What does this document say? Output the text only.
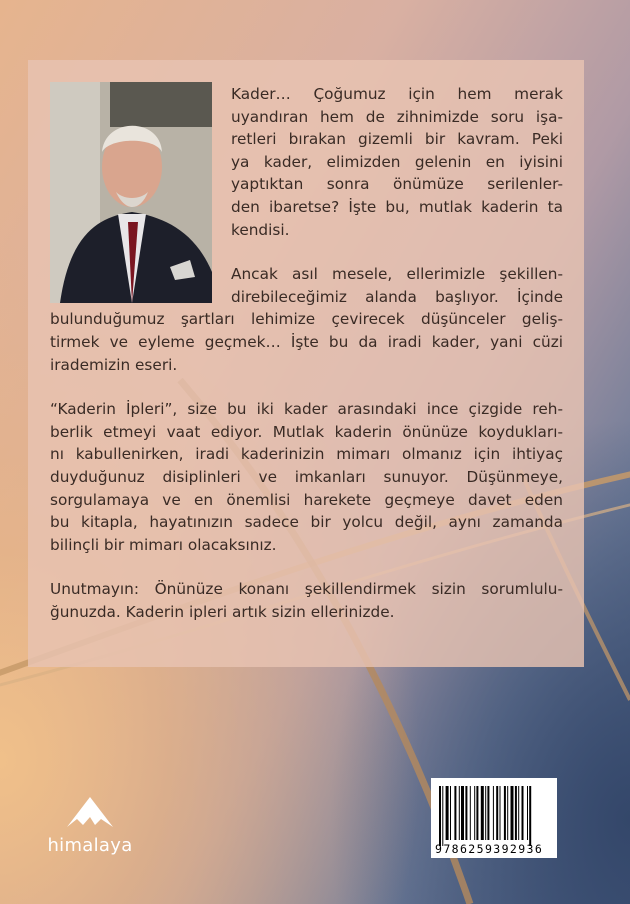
Kader… Çoğumuz için hem merak
uyandıran hem de zihnimizde soru işa-
retleri bırakan gizemli bir kavram. Peki
ya kader, elimizden gelenin en iyisini
yaptıktan sonra önümüze serilenler-
den ibaretse? İşte bu, mutlak kaderin ta
kendisi.
Ancak asıl mesele, ellerimizle şekillen-
direbileceğimiz alanda başlıyor. İçinde
bulunduğumuz şartları lehimize çevirecek düşünceler geliş-
tirmek ve eyleme geçmek… İşte bu da iradi kader, yani cüzi
irademizin eseri.
“Kaderin İpleri”, size bu iki kader arasındaki ince çizgide reh-
berlik etmeyi vaat ediyor. Mutlak kaderin önünüze koydukları-
nı kabullenirken, iradi kaderinizin mimarı olmanız için ihtiyaç
duyduğunuz disiplinleri ve imkanları sunuyor. Düşünmeye,
sorgulamaya ve en önemlisi harekete geçmeye davet eden
bu kitapla, hayatınızın sadece bir yolcu değil, aynı zamanda
bilinçli bir mimarı olacaksınız.
Unutmayın: Önünüze konanı şekillendirmek sizin sorumlulu-
ğunuzda. Kaderin ipleri artık sizin ellerinizde.
himalaya	9786259392936
